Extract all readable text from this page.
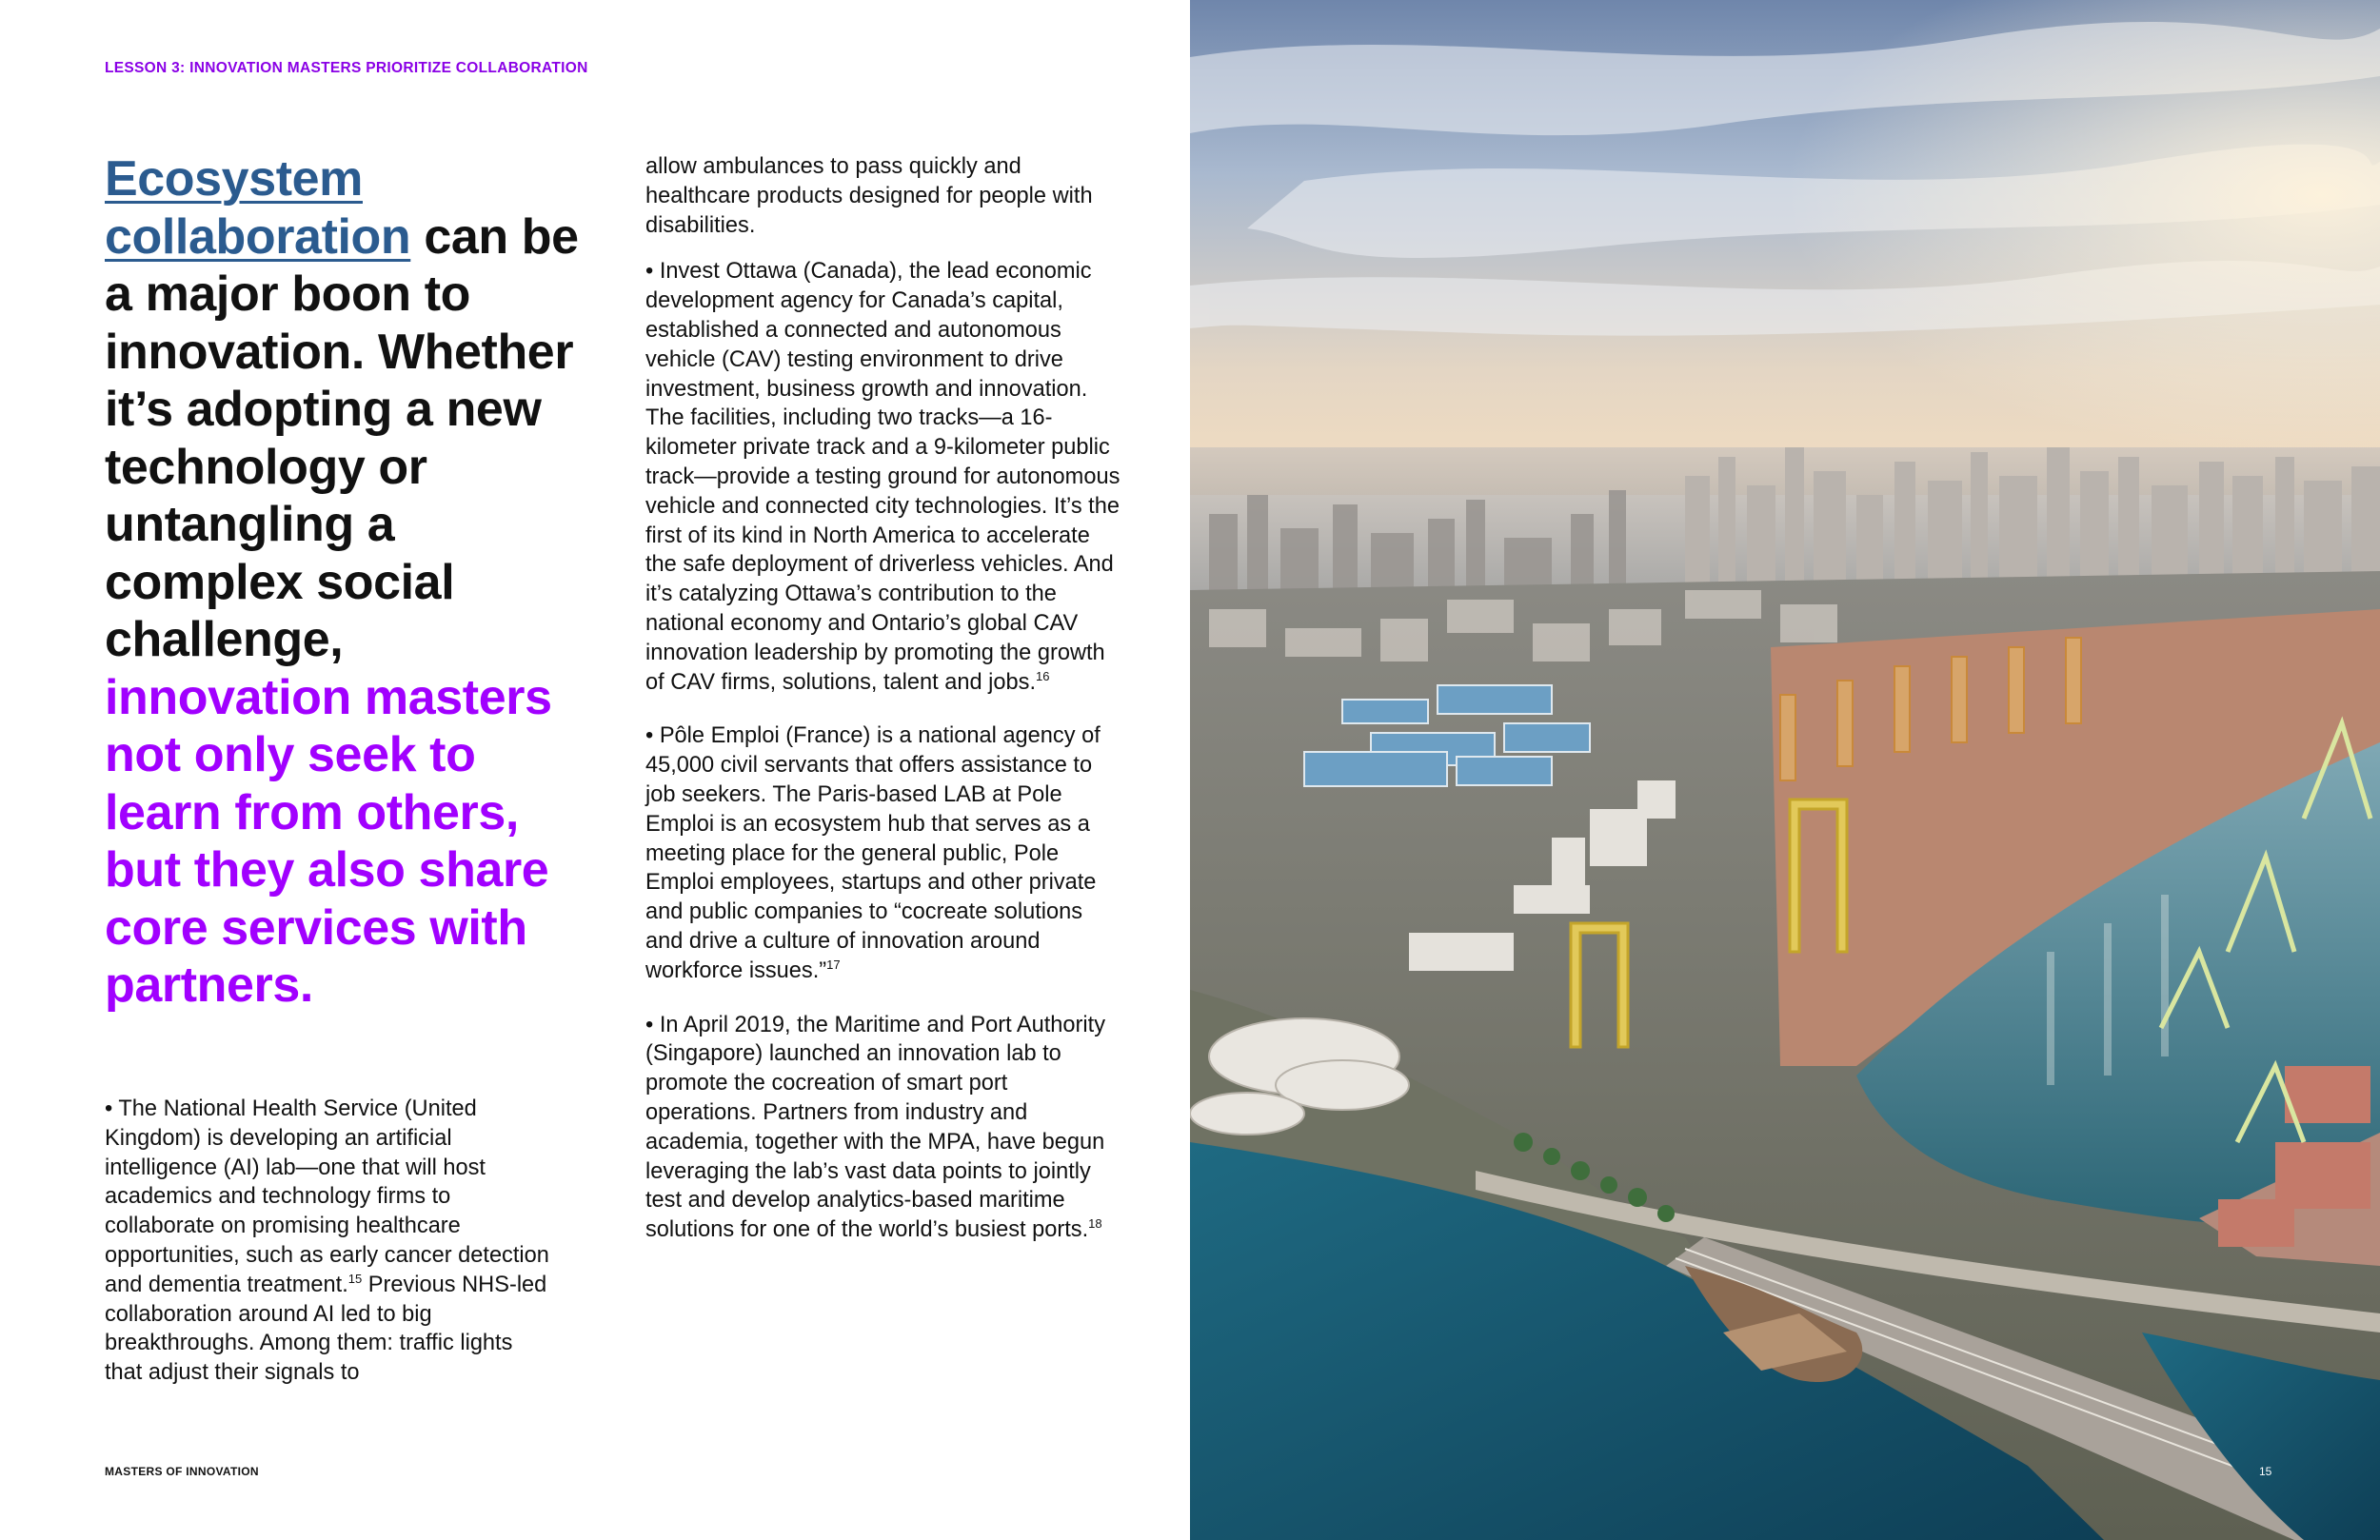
LESSON 3: INNOVATION MASTERS PRIORITIZE COLLABORATION
Ecosystem collaboration can be a major boon to innovation. Whether it’s adopting a new technology or untangling a complex social challenge, innovation masters not only seek to learn from others, but they also share core services with partners.

• The National Health Service (United Kingdom) is developing an artificial intelligence (AI) lab—one that will host academics and technology firms to collaborate on promising healthcare opportunities, such as early cancer detection and dementia treatment.$^{15}$ Previous NHS-led collaboration around AI led to big breakthroughs. Among them: traffic lights that adjust their signals to

allow ambulances to pass quickly and healthcare products designed for people with disabilities.

• Invest Ottawa (Canada), the lead economic development agency for Canada’s capital, established a connected and autonomous vehicle (CAV) testing environment to drive investment, business growth and innovation. The facilities, including two tracks—a 16-kilometer private track and a 9-kilometer public track—provide a testing ground for autonomous vehicle and connected city technologies. It’s the first of its kind in North America to accelerate the safe deployment of driverless vehicles. And it’s catalyzing Ottawa’s contribution to the national economy and Ontario’s global CAV innovation leadership by promoting the growth of CAV firms, solutions, talent and jobs.$^{16}$

• Pôle Emploi (France) is a national agency of 45,000 civil servants that offers assistance to job seekers. The Paris-based LAB at Pole Emploi is an ecosystem hub that serves as a meeting place for the general public, Pole Emploi employees, startups and other private and public companies to “cocreate solutions and drive a culture of innovation around workforce issues.”$^{17}$

• In April 2019, the Maritime and Port Authority (Singapore) launched an innovation lab to promote the cocreation of smart port operations. Partners from industry and academia, together with the MPA, have begun leveraging the lab’s vast data points to jointly test and develop analytics-based maritime solutions for one of the world’s busiest ports.$^{18}$

MASTERS OF INNOVATION	15
